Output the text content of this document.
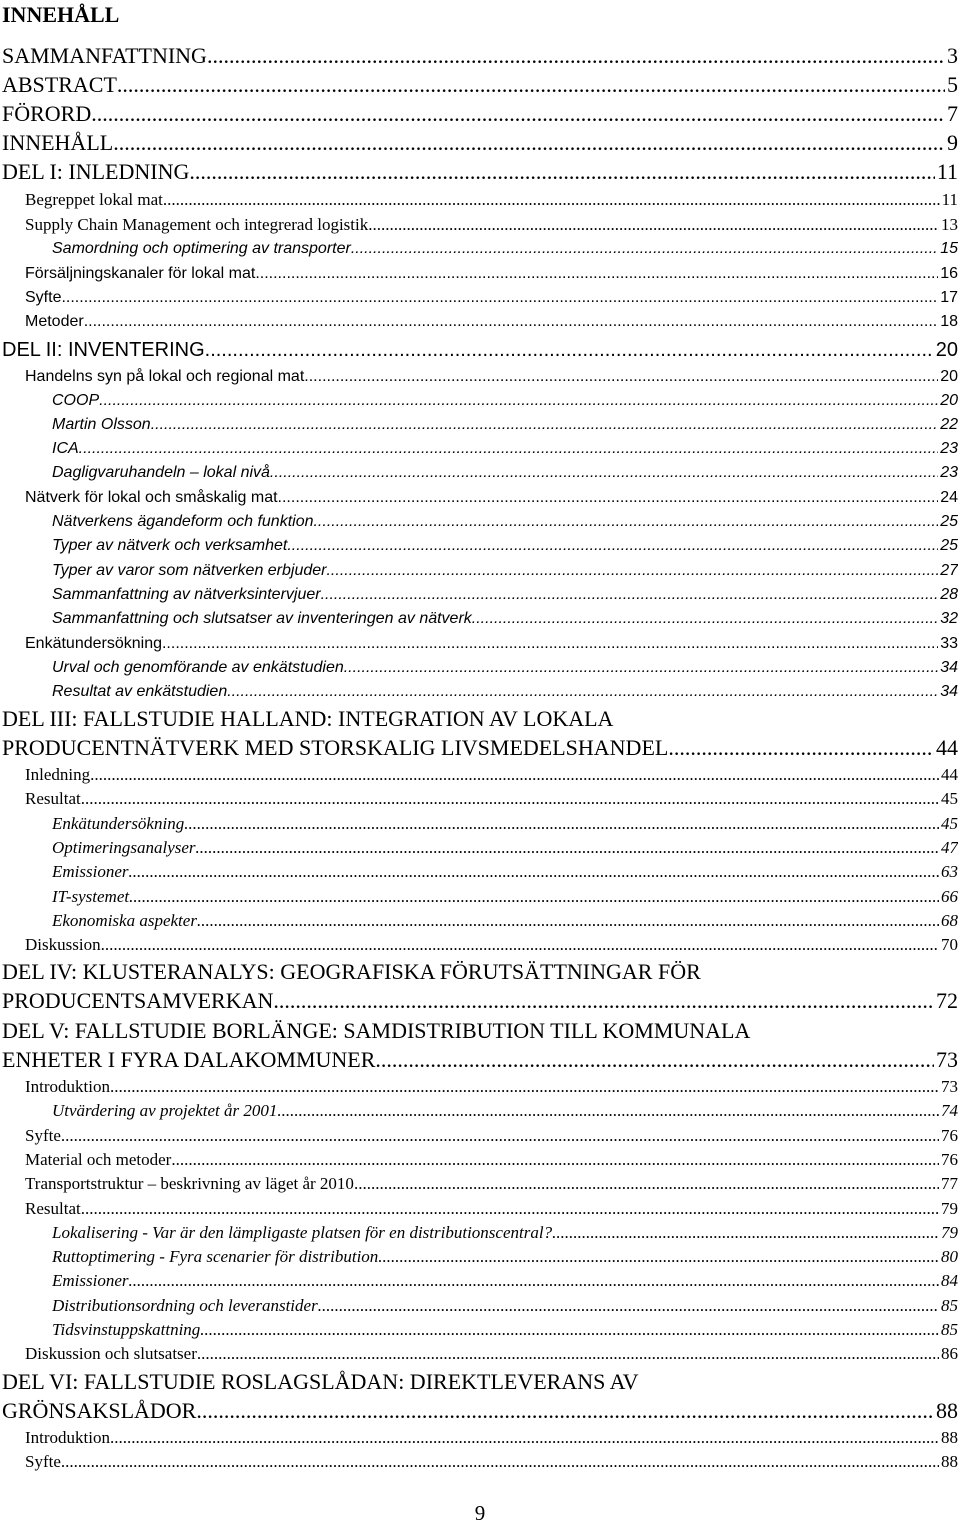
INNEHÅLL
SAMMANFATTNING .....	3
ABSTRACT .....	5
FÖRORD .....	7
INNEHÅLL .....	9
DEL I: INLEDNING .....	11
Begreppet lokal mat .....	11
Supply Chain Management och integrerad logistik .....	13
Samordning och optimering av transporter .....	15
Försäljningskanaler för lokal mat .....	16
Syfte .....	17
Metoder .....	18
DEL II: INVENTERING .....	20
Handelns syn på lokal och regional mat .....	20
COOP .....	20
Martin Olsson .....	22
ICA .....	23
Dagligvaruhandeln – lokal nivå .....	23
Nätverk för lokal och småskalig mat .....	24
Nätverkens ägandeform och funktion .....	25
Typer av nätverk och verksamhet .....	25
Typer av varor som nätverken erbjuder .....	27
Sammanfattning av nätverksintervjuer .....	28
Sammanfattning och slutsatser av inventeringen av nätverk .....	32
Enkätundersökning .....	33
Urval och genomförande av enkätstudien .....	34
Resultat av enkätstudien .....	34
DEL III: FALLSTUDIE HALLAND: INTEGRATION AV LOKALA
PRODUCENTNÄTVERK MED STORSKALIG LIVSMEDELSHANDEL .....	44
Inledning .....	44
Resultat .....	45
Enkätundersökning .....	45
Optimeringsanalyser .....	47
Emissioner .....	63
IT-systemet .....	66
Ekonomiska aspekter .....	68
Diskussion .....	70
DEL IV: KLUSTERANALYS: GEOGRAFISKA FÖRUTSÄTTNINGAR FÖR
PRODUCENTSAMVERKAN .....	72
DEL V: FALLSTUDIE BORLÄNGE: SAMDISTRIBUTION TILL KOMMUNALA
ENHETER I FYRA DALAKOMMUNER .....	73
Introduktion .....	73
Utvärdering av projektet år 2001 .....	74
Syfte .....	76
Material och metoder .....	76
Transportstruktur – beskrivning av läget år 2010 .....	77
Resultat .....	79
Lokalisering - Var är den lämpligaste platsen för en distributionscentral? .....	79
Ruttoptimering - Fyra scenarier för distribution .....	80
Emissioner .....	84
Distributionsordning och leveranstider .....	85
Tidsvinstuppskattning .....	85
Diskussion och slutsatser .....	86
DEL VI: FALLSTUDIE ROSLAGSLÅDAN: DIREKTLEVERANS AV
GRÖNSAKSLÅDOR .....	88
Introduktion .....	88
Syfte .....	88
9
